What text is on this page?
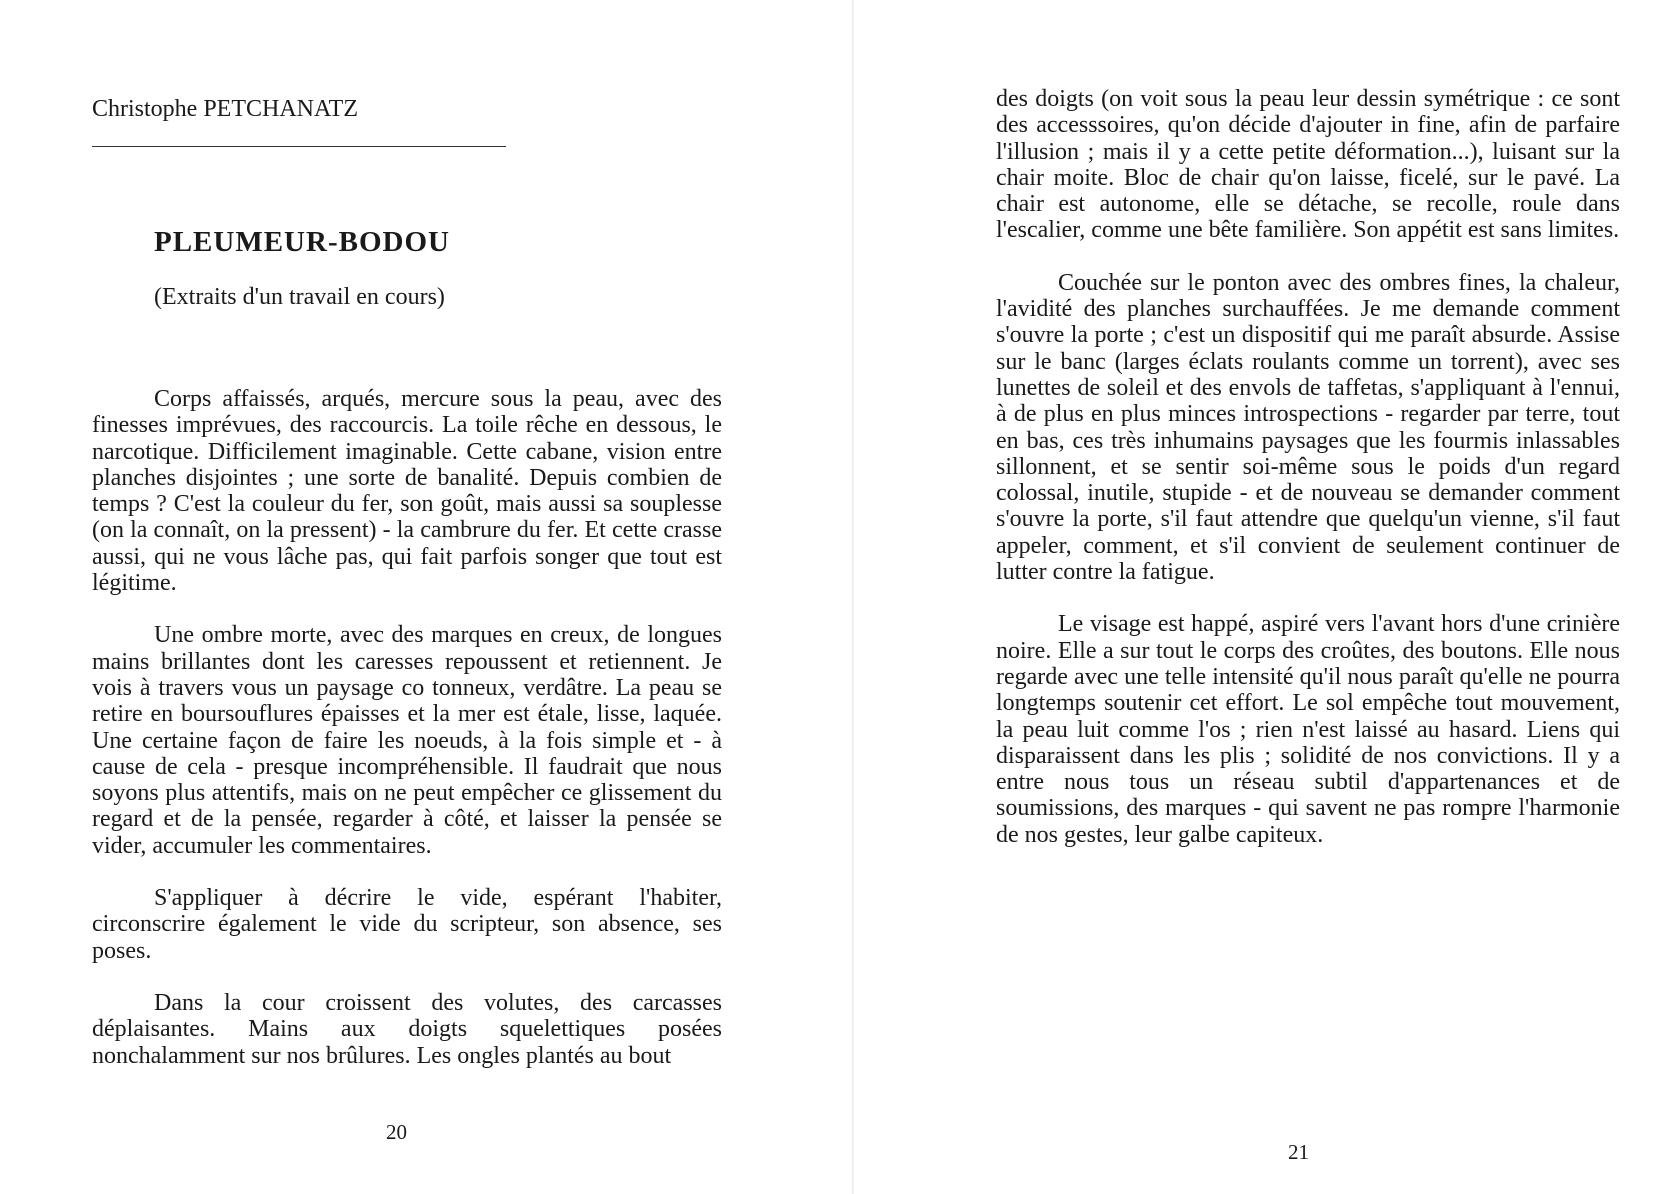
Christophe PETCHANATZ
PLEUMEUR-BODOU
(Extraits d'un travail en cours)

Corps affaissés, arqués, mercure sous la peau, avec des finesses imprévues, des raccourcis. La toile rêche en dessous, le narcotique. Difficilement imaginable. Cette cabane, vision entre planches disjointes ; une sorte de banalité. Depuis combien de temps ? C'est la couleur du fer, son goût, mais aussi sa souplesse (on la connaît, on la pressent) - la cambrure du fer. Et cette crasse aussi, qui ne vous lâche pas, qui fait parfois songer que tout est légitime.

Une ombre morte, avec des marques en creux, de longues mains brillantes dont les caresses repoussent et retiennent. Je vois à travers vous un paysage co tonneux, verdâtre. La peau se retire en boursouflures épaisses et la mer est étale, lisse, laquée. Une certaine façon de faire les noeuds, à la fois simple et - à cause de cela - presque incompréhensible. Il faudrait que nous soyons plus attentifs, mais on ne peut empêcher ce glissement du regard et de la pensée, regarder à côté, et laisser la pensée se vider, accumuler les commentaires.

S'appliquer à décrire le vide, espérant l'habiter, circonscrire également le vide du scripteur, son absence, ses poses.

Dans la cour croissent des volutes, des carcasses déplaisantes. Mains aux doigts squelettiques posées nonchalamment sur nos brûlures. Les ongles plantés au bout

20

des doigts (on voit sous la peau leur dessin symétrique : ce sont des accesssoires, qu'on décide d'ajouter in fine, afin de parfaire l'illusion ; mais il y a cette petite déformation...), luisant sur la chair moite. Bloc de chair qu'on laisse, ficelé, sur le pavé. La chair est autonome, elle se détache, se recolle, roule dans l'escalier, comme une bête familière. Son appétit est sans limites.

Couchée sur le ponton avec des ombres fines, la chaleur, l'avidité des planches surchauffées. Je me demande comment s'ouvre la porte ; c'est un dispositif qui me paraît absurde. Assise sur le banc (larges éclats roulants comme un torrent), avec ses lunettes de soleil et des envols de taffetas, s'appliquant à l'ennui, à de plus en plus minces introspections - regarder par terre, tout en bas, ces très inhumains paysages que les fourmis inlassables sillonnent, et se sentir soi-même sous le poids d'un regard colossal, inutile, stupide - et de nouveau se demander comment s'ouvre la porte, s'il faut attendre que quelqu'un vienne, s'il faut appeler, comment, et s'il convient de seulement continuer de lutter contre la fatigue.

Le visage est happé, aspiré vers l'avant hors d'une crinière noire. Elle a sur tout le corps des croûtes, des boutons. Elle nous regarde avec une telle intensité qu'il nous paraît qu'elle ne pourra longtemps soutenir cet effort. Le sol empêche tout mouvement, la peau luit comme l'os ; rien n'est laissé au hasard. Liens qui disparaissent dans les plis ; solidité de nos convictions. Il y a entre nous tous un réseau subtil d'appartenances et de soumissions, des marques - qui savent ne pas rompre l'harmonie de nos gestes, leur galbe capiteux.

21
